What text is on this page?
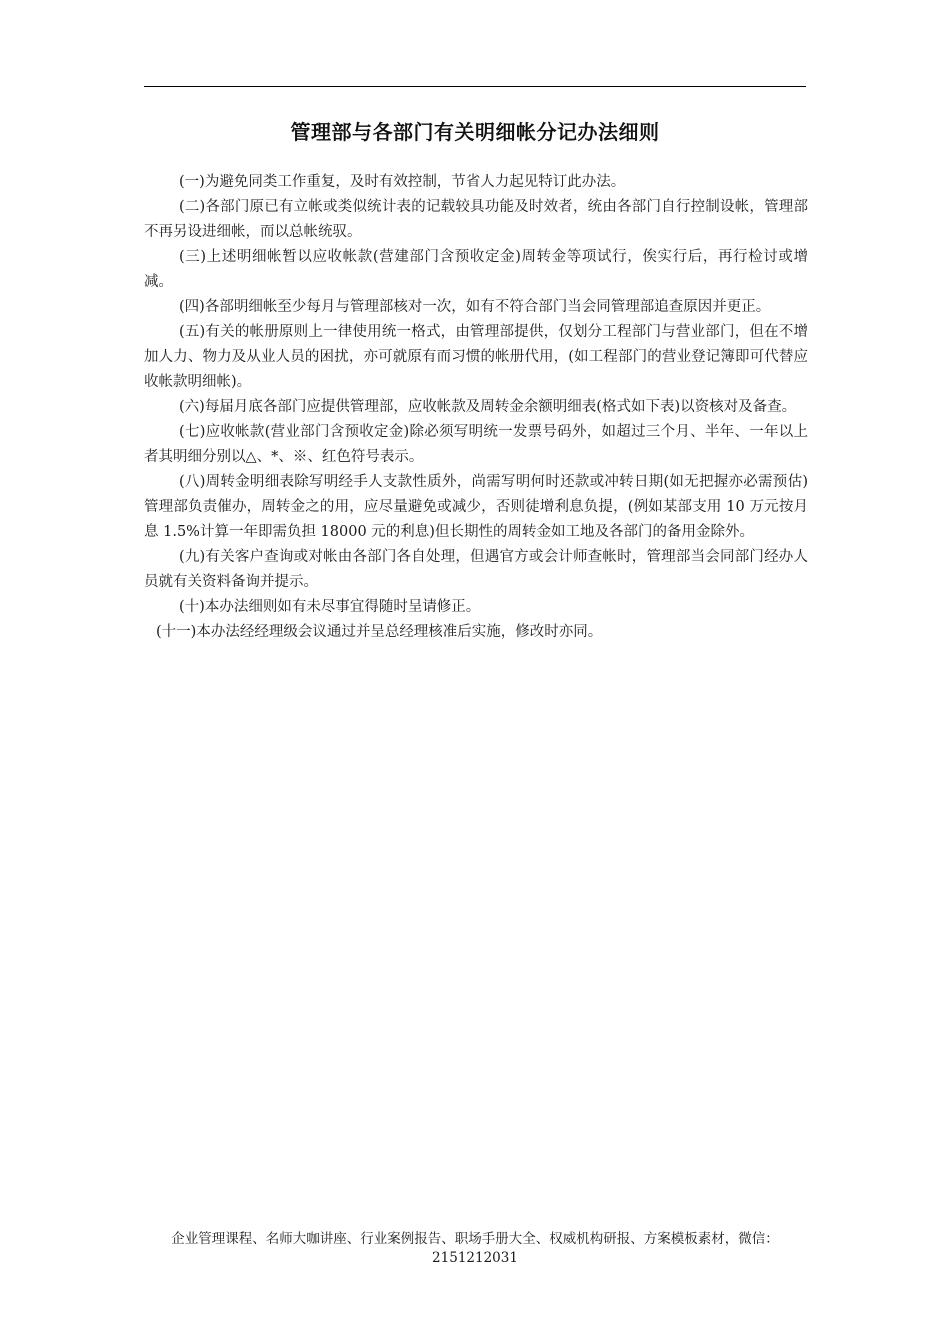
管理部与各部门有关明细帐分记办法细则

(一)为避免同类工作重复，及时有效控制，节省人力起见特订此办法。

(二)各部门原已有立帐或类似统计表的记载较具功能及时效者，统由各部门自行控制设帐，管理部不再另设进细帐，而以总帐统驭。

(三)上述明细帐暂以应收帐款(营建部门含预收定金)周转金等项试行，俟实行后，再行检讨或增减。

(四)各部明细帐至少每月与管理部核对一次，如有不符合部门当会同管理部追查原因并更正。

(五)有关的帐册原则上一律使用统一格式，由管理部提供，仅划分工程部门与营业部门，但在不增加人力、物力及从业人员的困扰，亦可就原有而习惯的帐册代用，(如工程部门的营业登记簿即可代替应收帐款明细帐)。

(六)每届月底各部门应提供管理部，应收帐款及周转金余额明细表(格式如下表)以资核对及备查。

(七)应收帐款(营业部门含预收定金)除必须写明统一发票号码外，如超过三个月、半年、一年以上者其明细分别以△、*、※、红色符号表示。

(八)周转金明细表除写明经手人支款性质外，尚需写明何时还款或冲转日期(如无把握亦必需预估)管理部负责催办，周转金之的用，应尽量避免或减少，否则徒增利息负提，(例如某部支用 10 万元按月息 1.5%计算一年即需负担 18000 元的利息)但长期性的周转金如工地及各部门的备用金除外。

(九)有关客户查询或对帐由各部门各自处理，但遇官方或会计师查帐时，管理部当会同部门经办人员就有关资料备询并提示。

(十)本办法细则如有未尽事宜得随时呈请修正。

(十一)本办法经经理级会议通过并呈总经理核准后实施，修改时亦同。

企业管理课程、名师大咖讲座、行业案例报告、职场手册大全、权威机构研报、方案模板素材，微信：
2151212031
